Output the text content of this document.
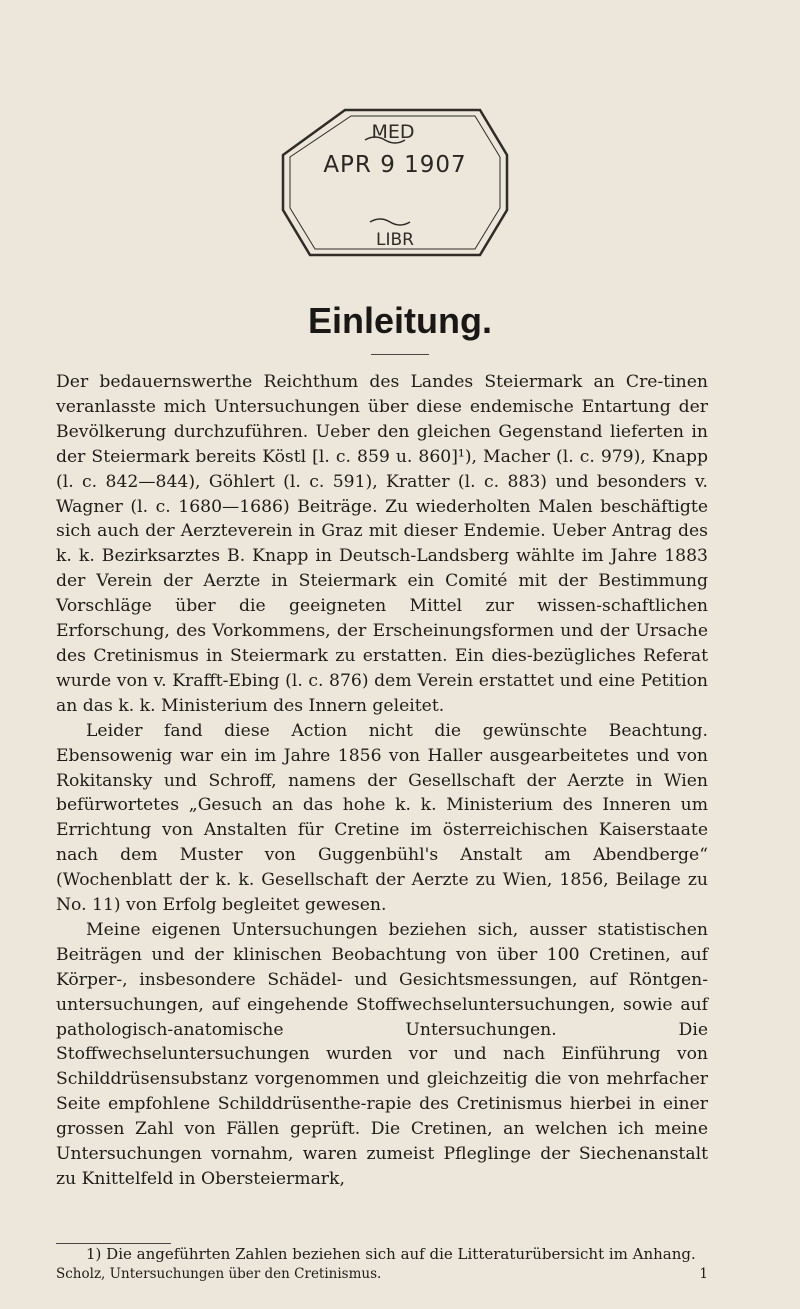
MED
LIBR
APR 9 1907
Einleitung.

Der bedauernswerthe Reichthum des Landes Steiermark an Cre-tinen veranlasste mich Untersuchungen über diese endemische Entartung der Bevölkerung durchzuführen. Ueber den gleichen Gegenstand lieferten in der Steiermark bereits Köstl [l. c. 859 u. 860]¹), Macher (l. c. 979), Knapp (l. c. 842—844), Göhlert (l. c. 591), Kratter (l. c. 883) und besonders v. Wagner (l. c. 1680—1686) Beiträge. Zu wiederholten Malen beschäftigte sich auch der Aerzteverein in Graz mit dieser Endemie. Ueber Antrag des k. k. Bezirksarztes B. Knapp in Deutsch-Landsberg wählte im Jahre 1883 der Verein der Aerzte in Steiermark ein Comité mit der Bestimmung Vorschläge über die geeigneten Mittel zur wissen-schaftlichen Erforschung, des Vorkommens, der Erscheinungsformen und der Ursache des Cretinismus in Steiermark zu erstatten. Ein dies-bezügliches Referat wurde von v. Krafft-Ebing (l. c. 876) dem Verein erstattet und eine Petition an das k. k. Ministerium des Innern geleitet.

Leider fand diese Action nicht die gewünschte Beachtung. Ebensowenig war ein im Jahre 1856 von Haller ausgearbeitetes und von Rokitansky und Schroff, namens der Gesellschaft der Aerzte in Wien befürwortetes „Gesuch an das hohe k. k. Ministerium des Inneren um Errichtung von Anstalten für Cretine im österreichischen Kaiserstaate nach dem Muster von Guggenbühl's Anstalt am Abendberge“ (Wochenblatt der k. k. Gesellschaft der Aerzte zu Wien, 1856, Beilage zu No. 11) von Erfolg begleitet gewesen.

Meine eigenen Untersuchungen beziehen sich, ausser statistischen Beiträgen und der klinischen Beobachtung von über 100 Cretinen, auf Körper-, insbesondere Schädel- und Gesichtsmessungen, auf Röntgen-untersuchungen, auf eingehende Stoffwechseluntersuchungen, sowie auf pathologisch-anatomische Untersuchungen. Die Stoffwechseluntersuchungen wurden vor und nach Einführung von Schilddrüsensubstanz vorgenommen und gleichzeitig die von mehrfacher Seite empfohlene Schilddrüsenthe-rapie des Cretinismus hierbei in einer grossen Zahl von Fällen geprüft. Die Cretinen, an welchen ich meine Untersuchungen vornahm, waren zumeist Pfleglinge der Siechenanstalt zu Knittelfeld in Obersteiermark,

1) Die angeführten Zahlen beziehen sich auf die Litteraturübersicht im Anhang.
Scholz, Untersuchungen über den Cretinismus.	1
